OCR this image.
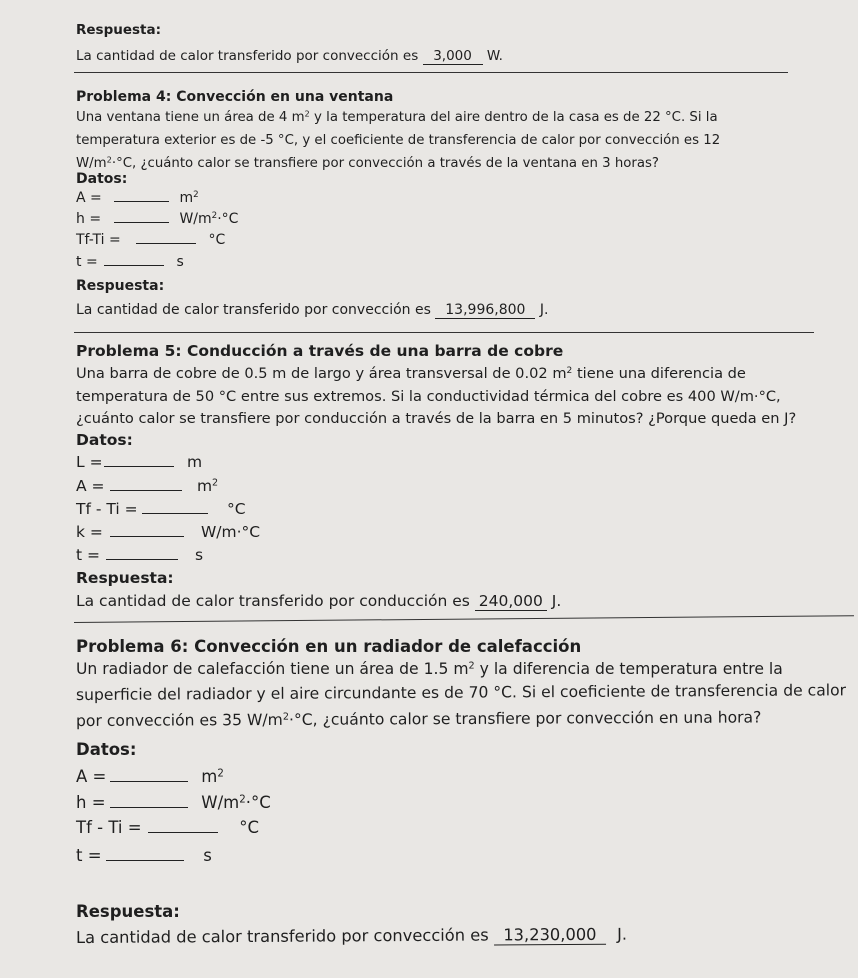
Respuesta:
La cantidad de calor transferido por convección es 3,000 W.
Problema 4: Convección en una ventana
Una ventana tiene un área de 4 $m^2$ y la temperatura del aire dentro de la casa es de 22 °C. Si la
temperatura exterior es de -5 °C, y el coeficiente de transferencia de calor por convección es 12
$W/m^2\cdot^\circ C$, ¿cuánto calor se transfiere por convección a través de la ventana en 3 horas?
Datos:
A =	$m^2$
h =	$W/m^2\cdot^\circ C$
Tf-Ti =	°C
t =	s
Respuesta:
La cantidad de calor transferido por convección es 13,996,800 J.
Problema 5: Conducción a través de una barra de cobre
Una barra de cobre de 0.5 m de largo y área transversal de 0.02 $m^2$ tiene una diferencia de
temperatura de 50 °C entre sus extremos. Si la conductividad térmica del cobre es 400 W/m·°C,
¿cuánto calor se transfiere por conducción a través de la barra en 5 minutos? ¿Porque queda en J?
Datos:
L =	m
A =	$m^2$
Tf - Ti =	°C
k =	W/m·°C
t =	s
Respuesta:
La cantidad de calor transferido por conducción es 240,000 J.
Problema 6: Convección en un radiador de calefacción
Un radiador de calefacción tiene un área de 1.5 $m^2$ y la diferencia de temperatura entre la
superficie del radiador y el aire circundante es de 70 °C. Si el coeficiente de transferencia de calor
por convección es 35 $W/m^2\cdot^\circ C$, ¿cuánto calor se transfiere por convección en una hora?
Datos:
A =	$m^2$
h =	$W/m^2\cdot^\circ C$
Tf - Ti =	°C
t =	s
Respuesta:
La cantidad de calor transferido por convección es 13,230,000 J.
